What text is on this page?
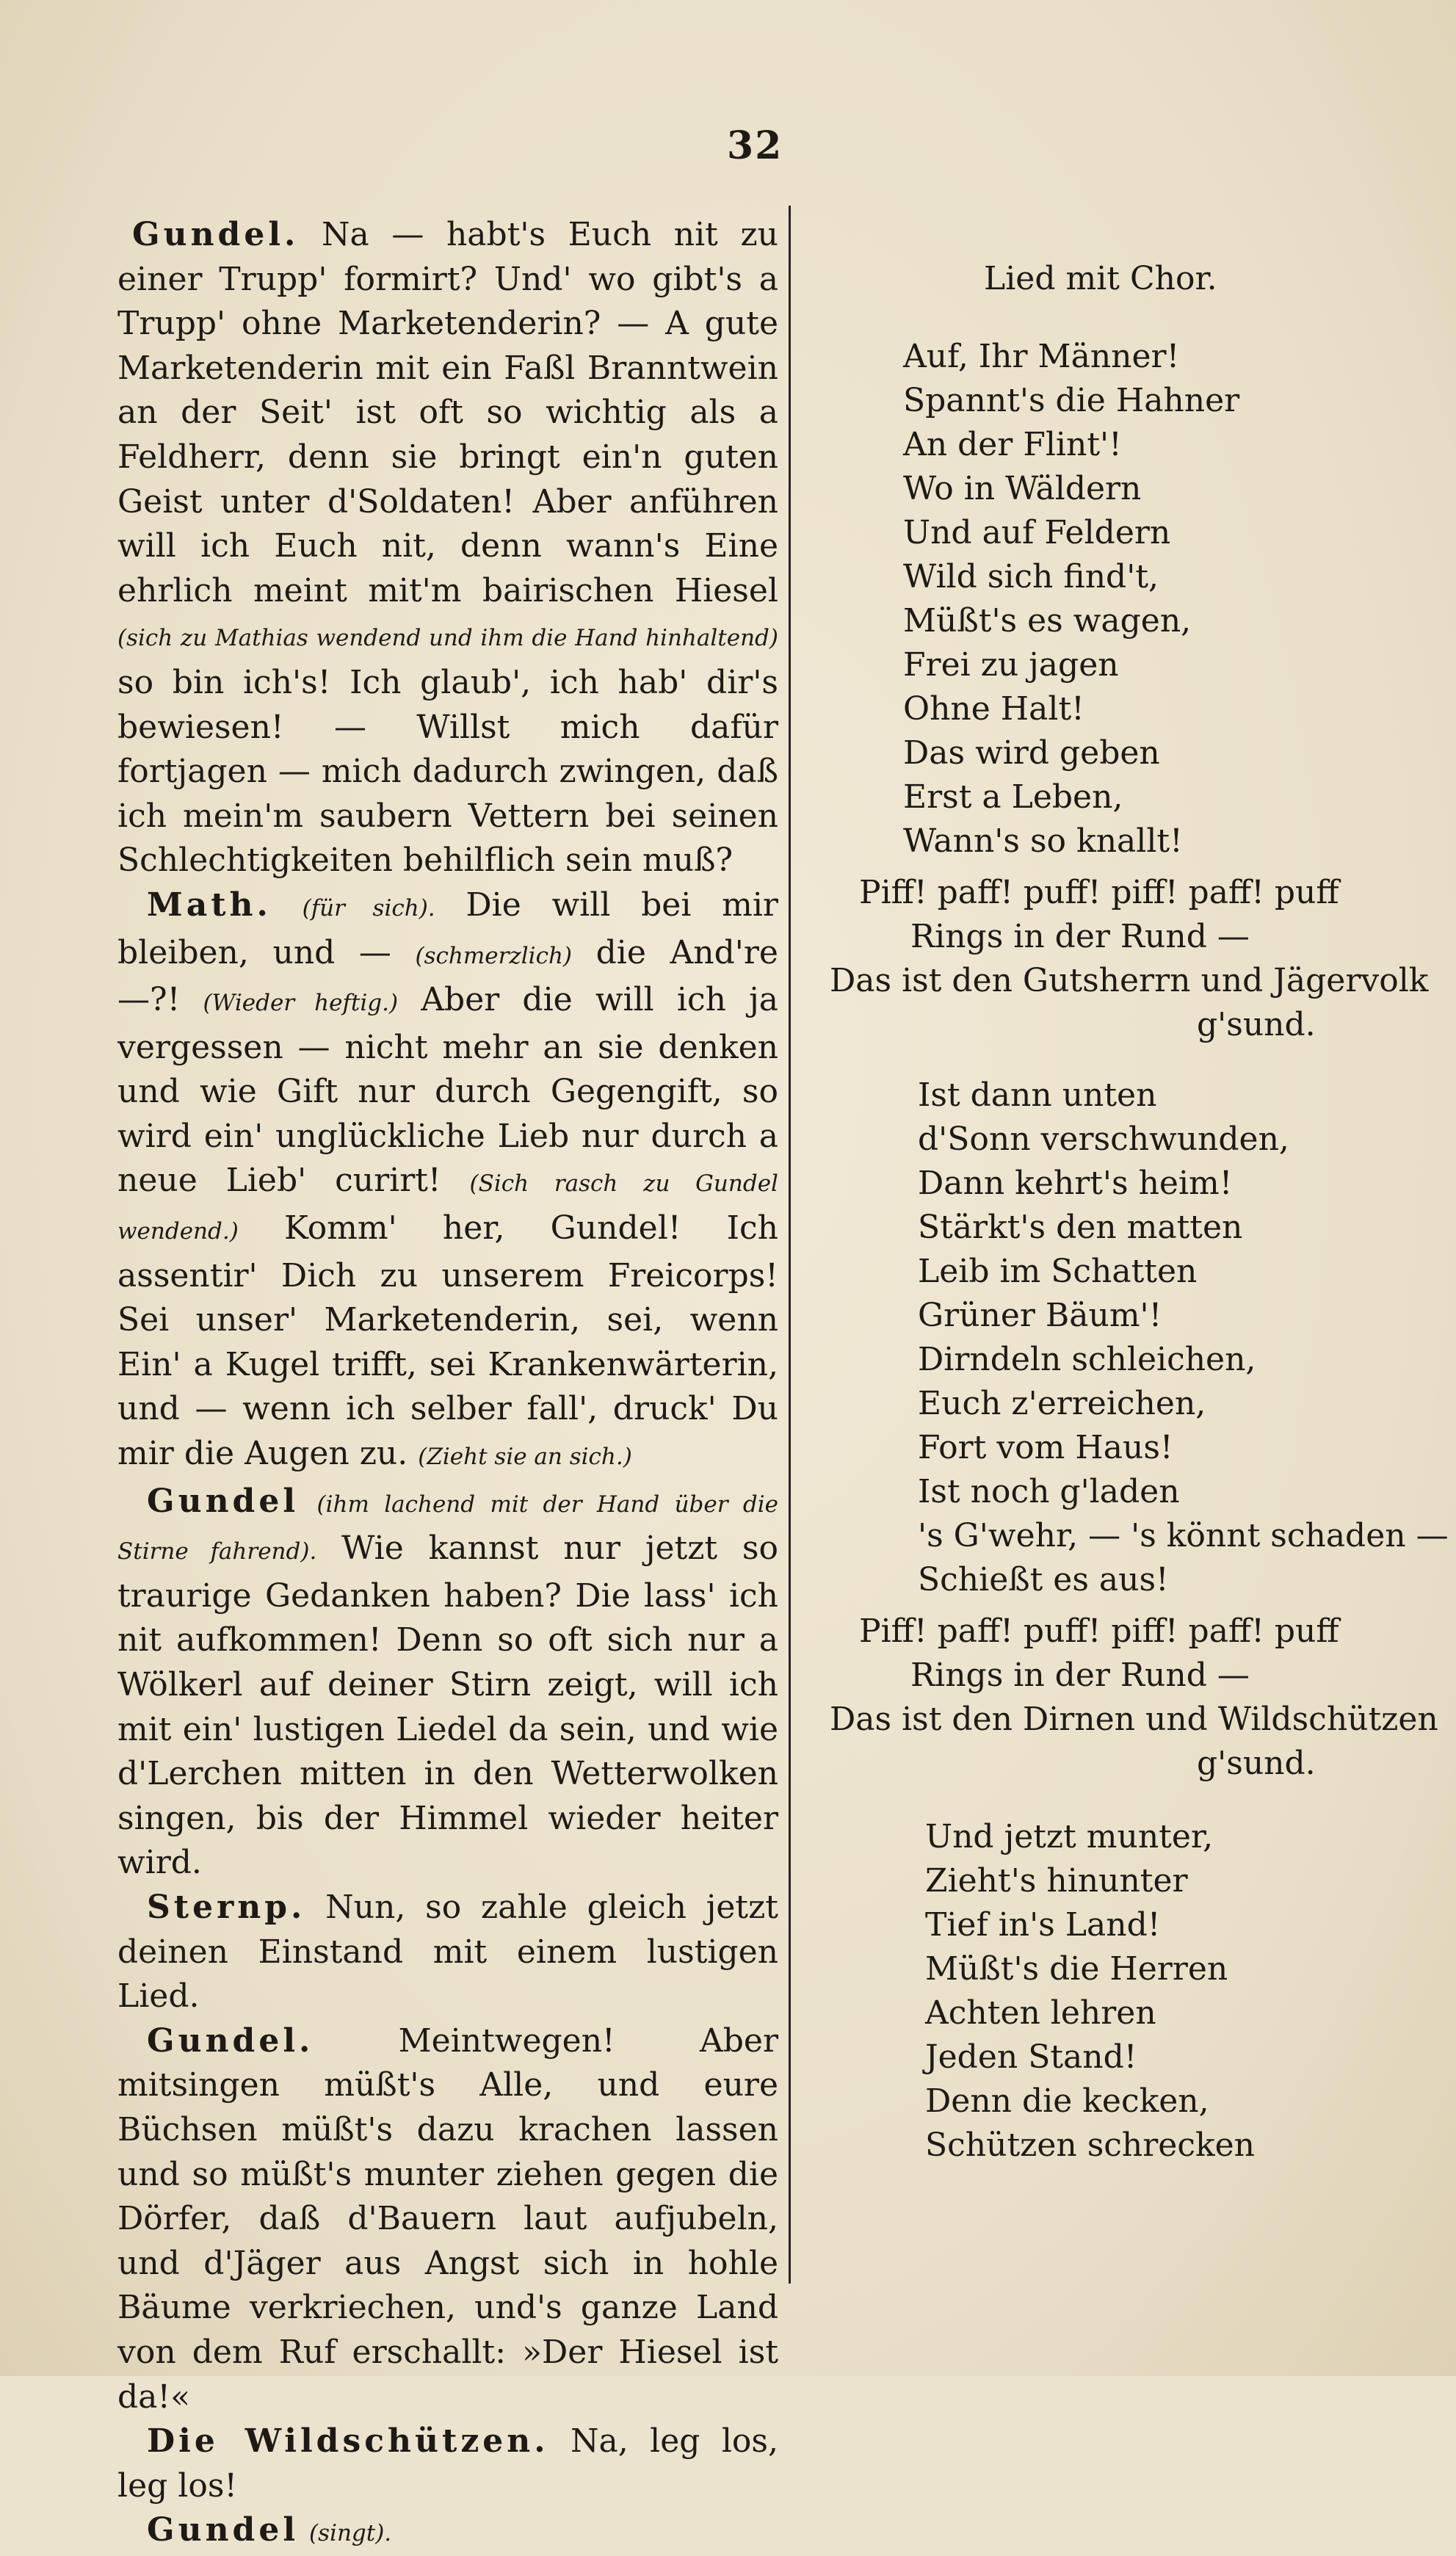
32

Gundel. Na — habt's Euch nit zu einer Trupp' formirt? Und' wo gibt's a Trupp' ohne Marketenderin? — A gute Marketenderin mit ein Faßl Branntwein an der Seit' ist oft so wichtig als a Feldherr, denn sie bringt ein'n guten Geist unter d'Soldaten! Aber anführen will ich Euch nit, denn wann's Eine ehrlich meint mit'm bairischen Hiesel (sich zu Mathias wendend und ihm die Hand hinhaltend) so bin ich's! Ich glaub', ich hab' dir's bewiesen! — Willst mich dafür fortjagen — mich dadurch zwingen, daß ich mein'm saubern Vettern bei seinen Schlechtigkeiten behilflich sein muß?

Math. (für sich). Die will bei mir bleiben, und — (schmerzlich) die And're —?! (Wieder heftig.) Aber die will ich ja vergessen — nicht mehr an sie denken und wie Gift nur durch Gegengift, so wird ein' unglückliche Lieb nur durch a neue Lieb' curirt! (Sich rasch zu Gundel wendend.) Komm' her, Gundel! Ich assentir' Dich zu unserem Freicorps! Sei unser' Marketenderin, sei, wenn Ein' a Kugel trifft, sei Krankenwärterin, und — wenn ich selber fall', druck' Du mir die Augen zu. (Zieht sie an sich.)

Gundel (ihm lachend mit der Hand über die Stirne fahrend). Wie kannst nur jetzt so traurige Gedanken haben? Die lass' ich nit aufkommen! Denn so oft sich nur a Wölkerl auf deiner Stirn zeigt, will ich mit ein' lustigen Liedel da sein, und wie d'Lerchen mitten in den Wetterwolken singen, bis der Himmel wieder heiter wird.

Sternp. Nun, so zahle gleich jetzt deinen Einstand mit einem lustigen Lied.

Gundel.	Meintwegen! Aber mitsingen müßt's Alle, und eure Büchsen müßt's dazu krachen lassen und so müßt's munter ziehen gegen die Dörfer, daß d'Bauern laut aufjubeln, und d'Jäger aus Angst sich in hohle Bäume verkriechen, und's ganze Land von dem Ruf erschallt: »Der Hiesel ist da!«

Die Wildschützen. Na, leg los, leg los!

Gundel (singt).

Lied mit Chor.
Auf, Ihr Männer!
Spannt's die Hahner
An der Flint'!
Wo in Wäldern
Und auf Feldern
Wild sich find't,
Müßt's es wagen,
Frei zu jagen
Ohne Halt!
Das wird geben
Erst a Leben,
Wann's so knallt!
Piff! paff! puff! piff! paff! puff
Rings in der Rund —
Das ist den Gutsherrn und Jägervolk
g'sund.
Ist dann unten
d'Sonn verschwunden,
Dann kehrt's heim!
Stärkt's den matten
Leib im Schatten
Grüner Bäum'!
Dirndeln schleichen,
Euch z'erreichen,
Fort vom Haus!
Ist noch g'laden
's G'wehr, — 's könnt schaden —
Schießt es aus!
Piff! paff! puff! piff! paff! puff
Rings in der Rund —
Das ist den Dirnen und Wildschützen
g'sund.
Und jetzt munter,
Zieht's hinunter
Tief in's Land!
Müßt's die Herren
Achten lehren
Jeden Stand!
Denn die kecken,
Schützen schrecken
